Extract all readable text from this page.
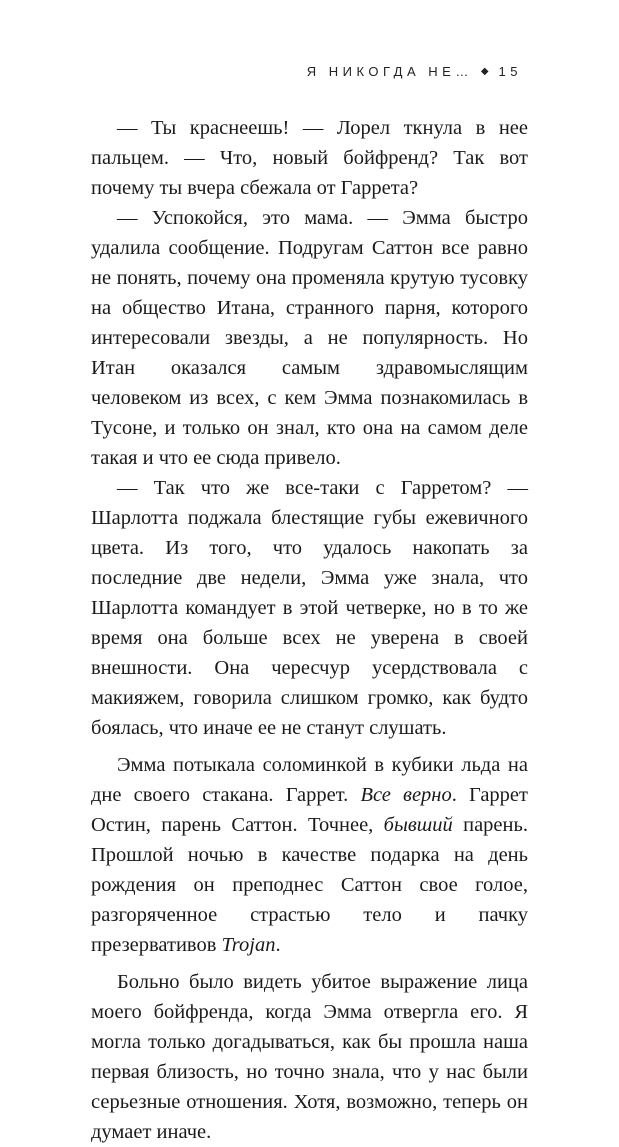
Я НИКОГДА НЕ… ◆ 15

— Ты краснеешь! — Лорел ткнула в нее пальцем. — Что, новый бойфренд? Так вот почему ты вчера сбежала от Гаррета?

— Успокойся, это мама. — Эмма быстро удалила сообщение. Подругам Саттон все равно не понять, почему она променяла крутую тусовку на общество Итана, странного парня, которого интересовали звезды, а не популярность. Но Итан оказался самым здравомыслящим человеком из всех, с кем Эмма познакомилась в Тусоне, и только он знал, кто она на самом деле такая и что ее сюда привело.

— Так что же все-таки с Гарретом? — Шарлотта поджала блестящие губы ежевичного цвета. Из того, что удалось накопать за последние две недели, Эмма уже знала, что Шарлотта командует в этой четверке, но в то же время она больше всех не уверена в своей внешности. Она чересчур усердствовала с макияжем, говорила слишком громко, как будто боялась, что иначе ее не станут слушать.

Эмма потыкала соломинкой в кубики льда на дне своего стакана. Гаррет. Все верно. Гаррет Остин, парень Саттон. Точнее, бывший парень. Прошлой ночью в качестве подарка на день рождения он преподнес Саттон свое голое, разгоряченное страстью тело и пачку презервативов Trojan.

Больно было видеть убитое выражение лица моего бойфренда, когда Эмма отвергла его. Я могла только догадываться, как бы прошла наша первая близость, но точно знала, что у нас были серьезные отношения. Хотя, возможно, теперь он думает иначе.
